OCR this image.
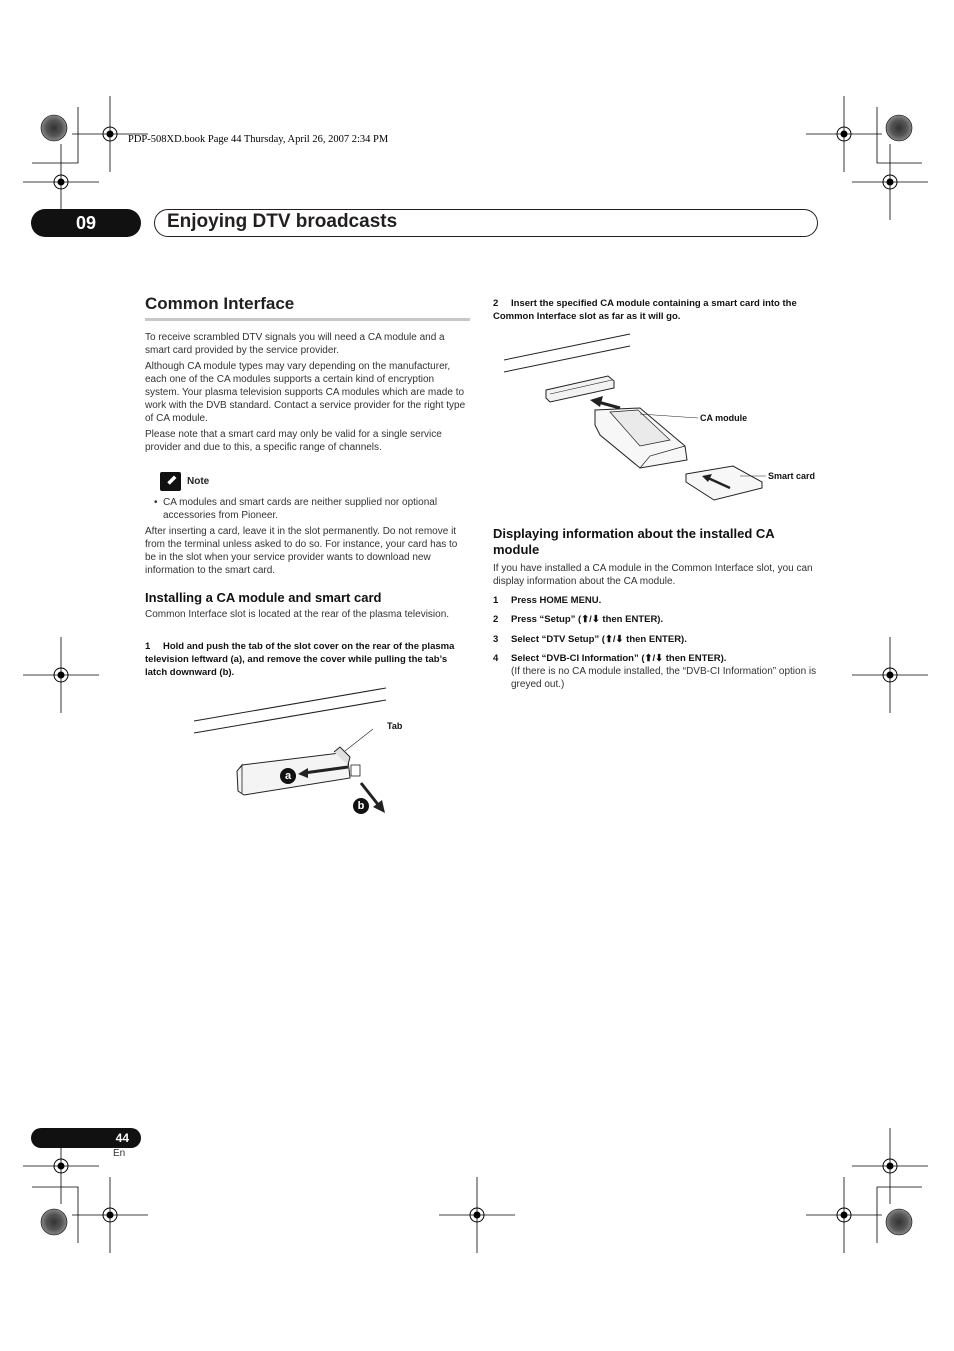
PDP-508XD.book Page 44 Thursday, April 26, 2007 2:34 PM
09	Enjoying DTV broadcasts
Common Interface
To receive scrambled DTV signals you will need a CA module and a smart card provided by the service provider.
Although CA module types may vary depending on the manufacturer, each one of the CA modules supports a certain kind of encryption system. Your plasma television supports CA modules which are made to work with the DVB standard. Contact a service provider for the right type of CA module.
Please note that a smart card may only be valid for a single service provider and due to this, a specific range of channels.
Note
• CA modules and smart cards are neither supplied nor optional accessories from Pioneer.
After inserting a card, leave it in the slot permanently. Do not remove it from the terminal unless asked to do so. For instance, your card has to be in the slot when your service provider wants to download new information to the smart card.
Installing a CA module and smart card
Common Interface slot is located at the rear of the plasma television.
1 Hold and push the tab of the slot cover on the rear of the plasma television leftward (a), and remove the cover while pulling the tab’s latch downward (b).
Tab
a
b
2 Insert the specified CA module containing a smart card into the Common Interface slot as far as it will go.
CA module
Smart card
Displaying information about the installed CA module
If you have installed a CA module in the Common Interface slot, you can display information about the CA module.
1 Press HOME MENU.
2 Press “Setup” (⬆/⬇ then ENTER).
3 Select “DTV Setup” (⬆/⬇ then ENTER).
4 Select “DVB-CI Information” (⬆/⬇ then ENTER).
(If there is no CA module installed, the “DVB-CI Information” option is greyed out.)
44
En
